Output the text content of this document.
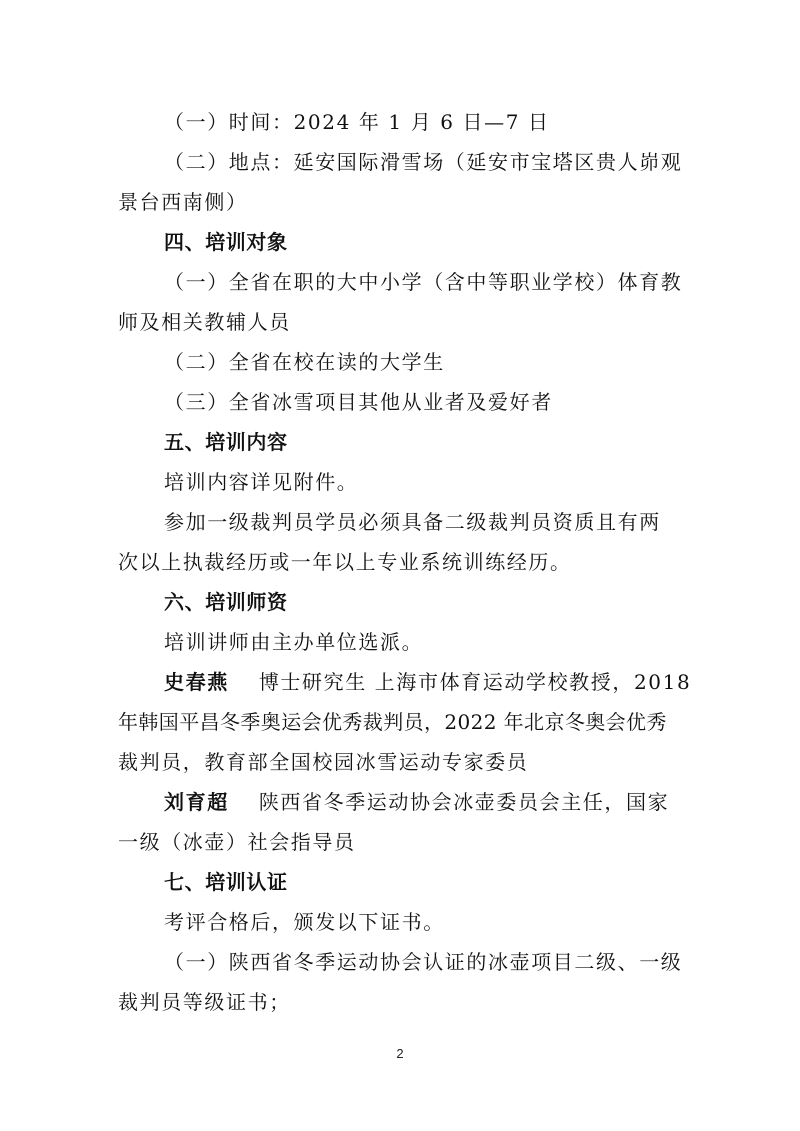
（一）时间：2024 年 1 月 6 日—7 日
（二）地点：延安国际滑雪场（延安市宝塔区贵人峁观
景台西南侧）
四、培训对象
（一）全省在职的大中小学（含中等职业学校）体育教
师及相关教辅人员
（二）全省在校在读的大学生
（三）全省冰雪项目其他从业者及爱好者
五、培训内容
培训内容详见附件。
参加一级裁判员学员必须具备二级裁判员资质且有两
次以上执裁经历或一年以上专业系统训练经历。
六、培训师资
培训讲师由主办单位选派。
史春燕 博士研究生 上海市体育运动学校教授，2018
年韩国平昌冬季奥运会优秀裁判员，2022 年北京冬奥会优秀
裁判员，教育部全国校园冰雪运动专家委员
刘育超 陕西省冬季运动协会冰壶委员会主任，国家
一级（冰壶）社会指导员
七、培训认证
考评合格后，颁发以下证书。
（一）陕西省冬季运动协会认证的冰壶项目二级、一级
裁判员等级证书；
2
